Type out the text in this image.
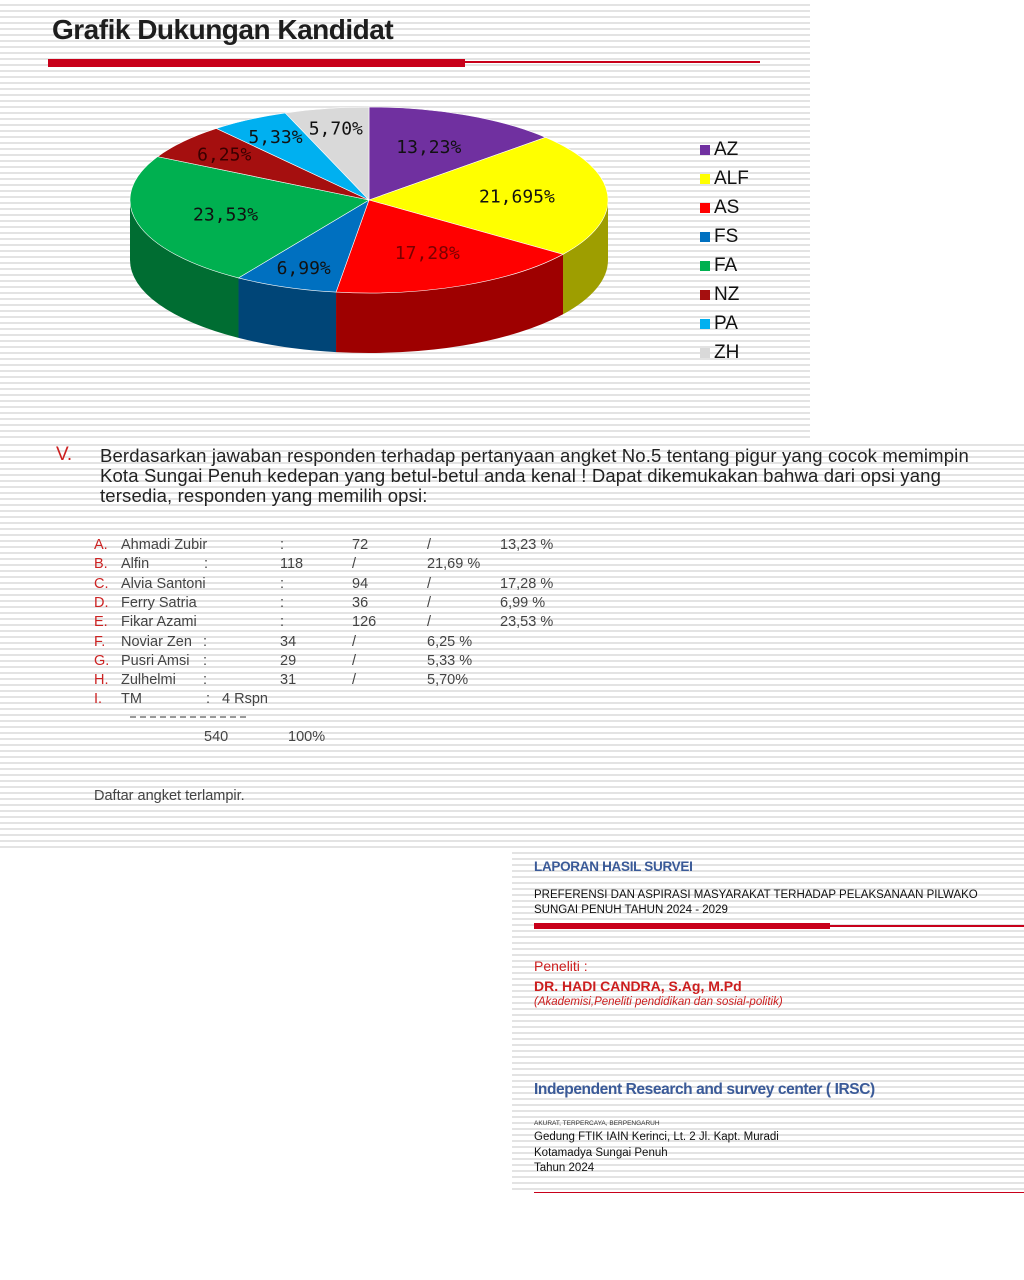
Grafik Dukungan Kandidat
13,23%
21,695%
17,28%
6,99%
23,53%
6,25%
5,33% 5,70%
AZ
ALF
AS
FS
FA
NZ
PA
ZH
V. Berdasarkan jawaban responden terhadap pertanyaan angket No.5 tentang pigur yang cocok memimpin Kota Sungai Penuh kedepan yang betul-betul anda kenal ! Dapat dikemukakan bahwa dari opsi yang tersedia, responden yang memilih opsi:

A. Ahmadi Zubir	:	72	/	13,23 %
B. Alfin	:	118	/	21,69 %
C. Alvia Santoni	:	94	/	17,28 %
D. Ferry Satria	:	36	/	6,99 %
E. Fikar Azami	:	126	/	23,53 %
F. Noviar Zen :	34	/	6,25 %
G. Pusri Amsi :	29	/	5,33 %
H. Zulhelmi :	31	/	5,70%
I. TM	: 4 Rspn
540	100%
Daftar angket terlampir.
LAPORAN HASIL SURVEI

PREFERENSI DAN ASPIRASI MASYARAKAT TERHADAP PELAKSANAAN PILWAKO SUNGAI PENUH TAHUN 2024 - 2029

Peneliti :
DR. HADI CANDRA, S.Ag, M.Pd
(Akademisi,Peneliti pendidikan dan sosial-politik)
Independent Research and survey center ( IRSC)
AKURAT, TERPERCAYA, BERPENGARUH
Gedung FTIK IAIN Kerinci, Lt. 2 Jl. Kapt. Muradi
Kotamadya Sungai Penuh
Tahun 2024
